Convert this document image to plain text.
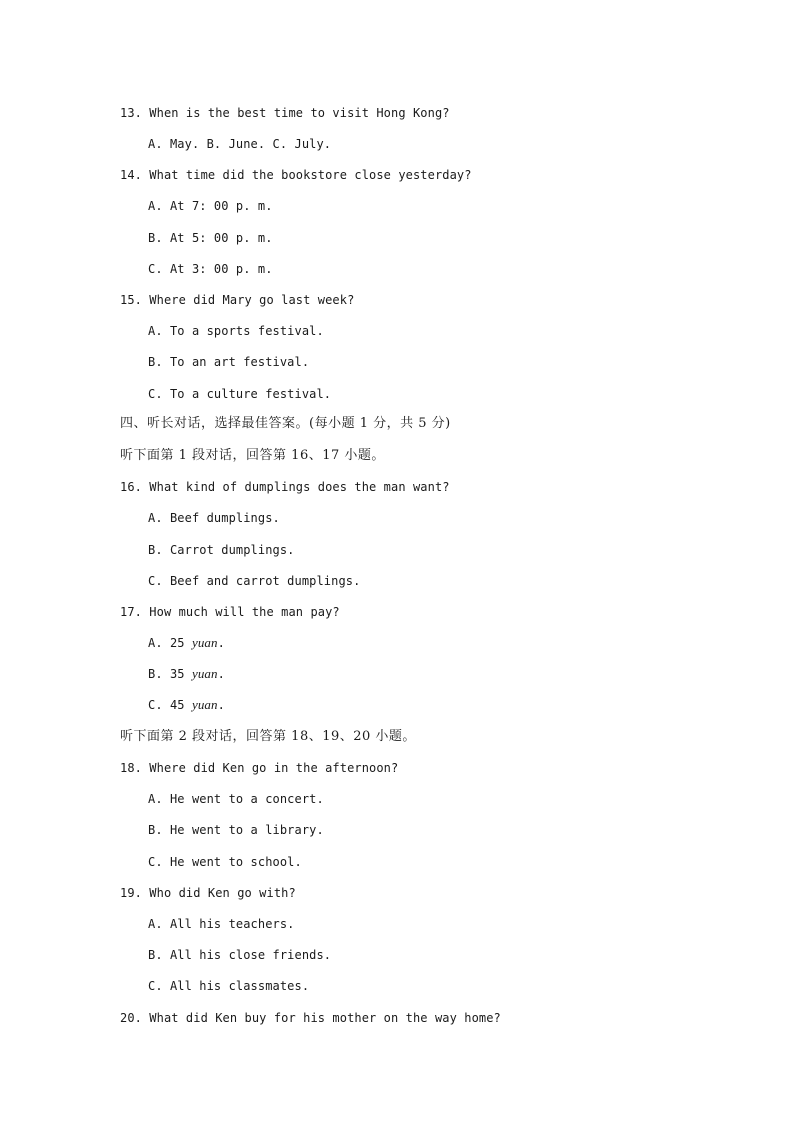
13. When is the best time to visit Hong Kong?
A. May. B. June. C. July.
14. What time did the bookstore close yesterday?
A. At 7: 00 p. m.
B. At 5: 00 p. m.
C. At 3: 00 p. m.
15. Where did Mary go last week?
A. To a sports festival.
B. To an art festival.
C. To a culture festival.
四、听长对话，选择最佳答案。(每小题 1 分，共 5 分)
听下面第 1 段对话，回答第 16、17 小题。
16. What kind of dumplings does the man want?
A. Beef dumplings.
B. Carrot dumplings.
C. Beef and carrot dumplings.
17. How much will the man pay?
A. 25 yuan.
B. 35 yuan.
C. 45 yuan.
听下面第 2 段对话，回答第 18、19、20 小题。
18. Where did Ken go in the afternoon?
A. He went to a concert.
B. He went to a library.
C. He went to school.
19. Who did Ken go with?
A. All his teachers.
B. All his close friends.
C. All his classmates.
20. What did Ken buy for his mother on the way home?
